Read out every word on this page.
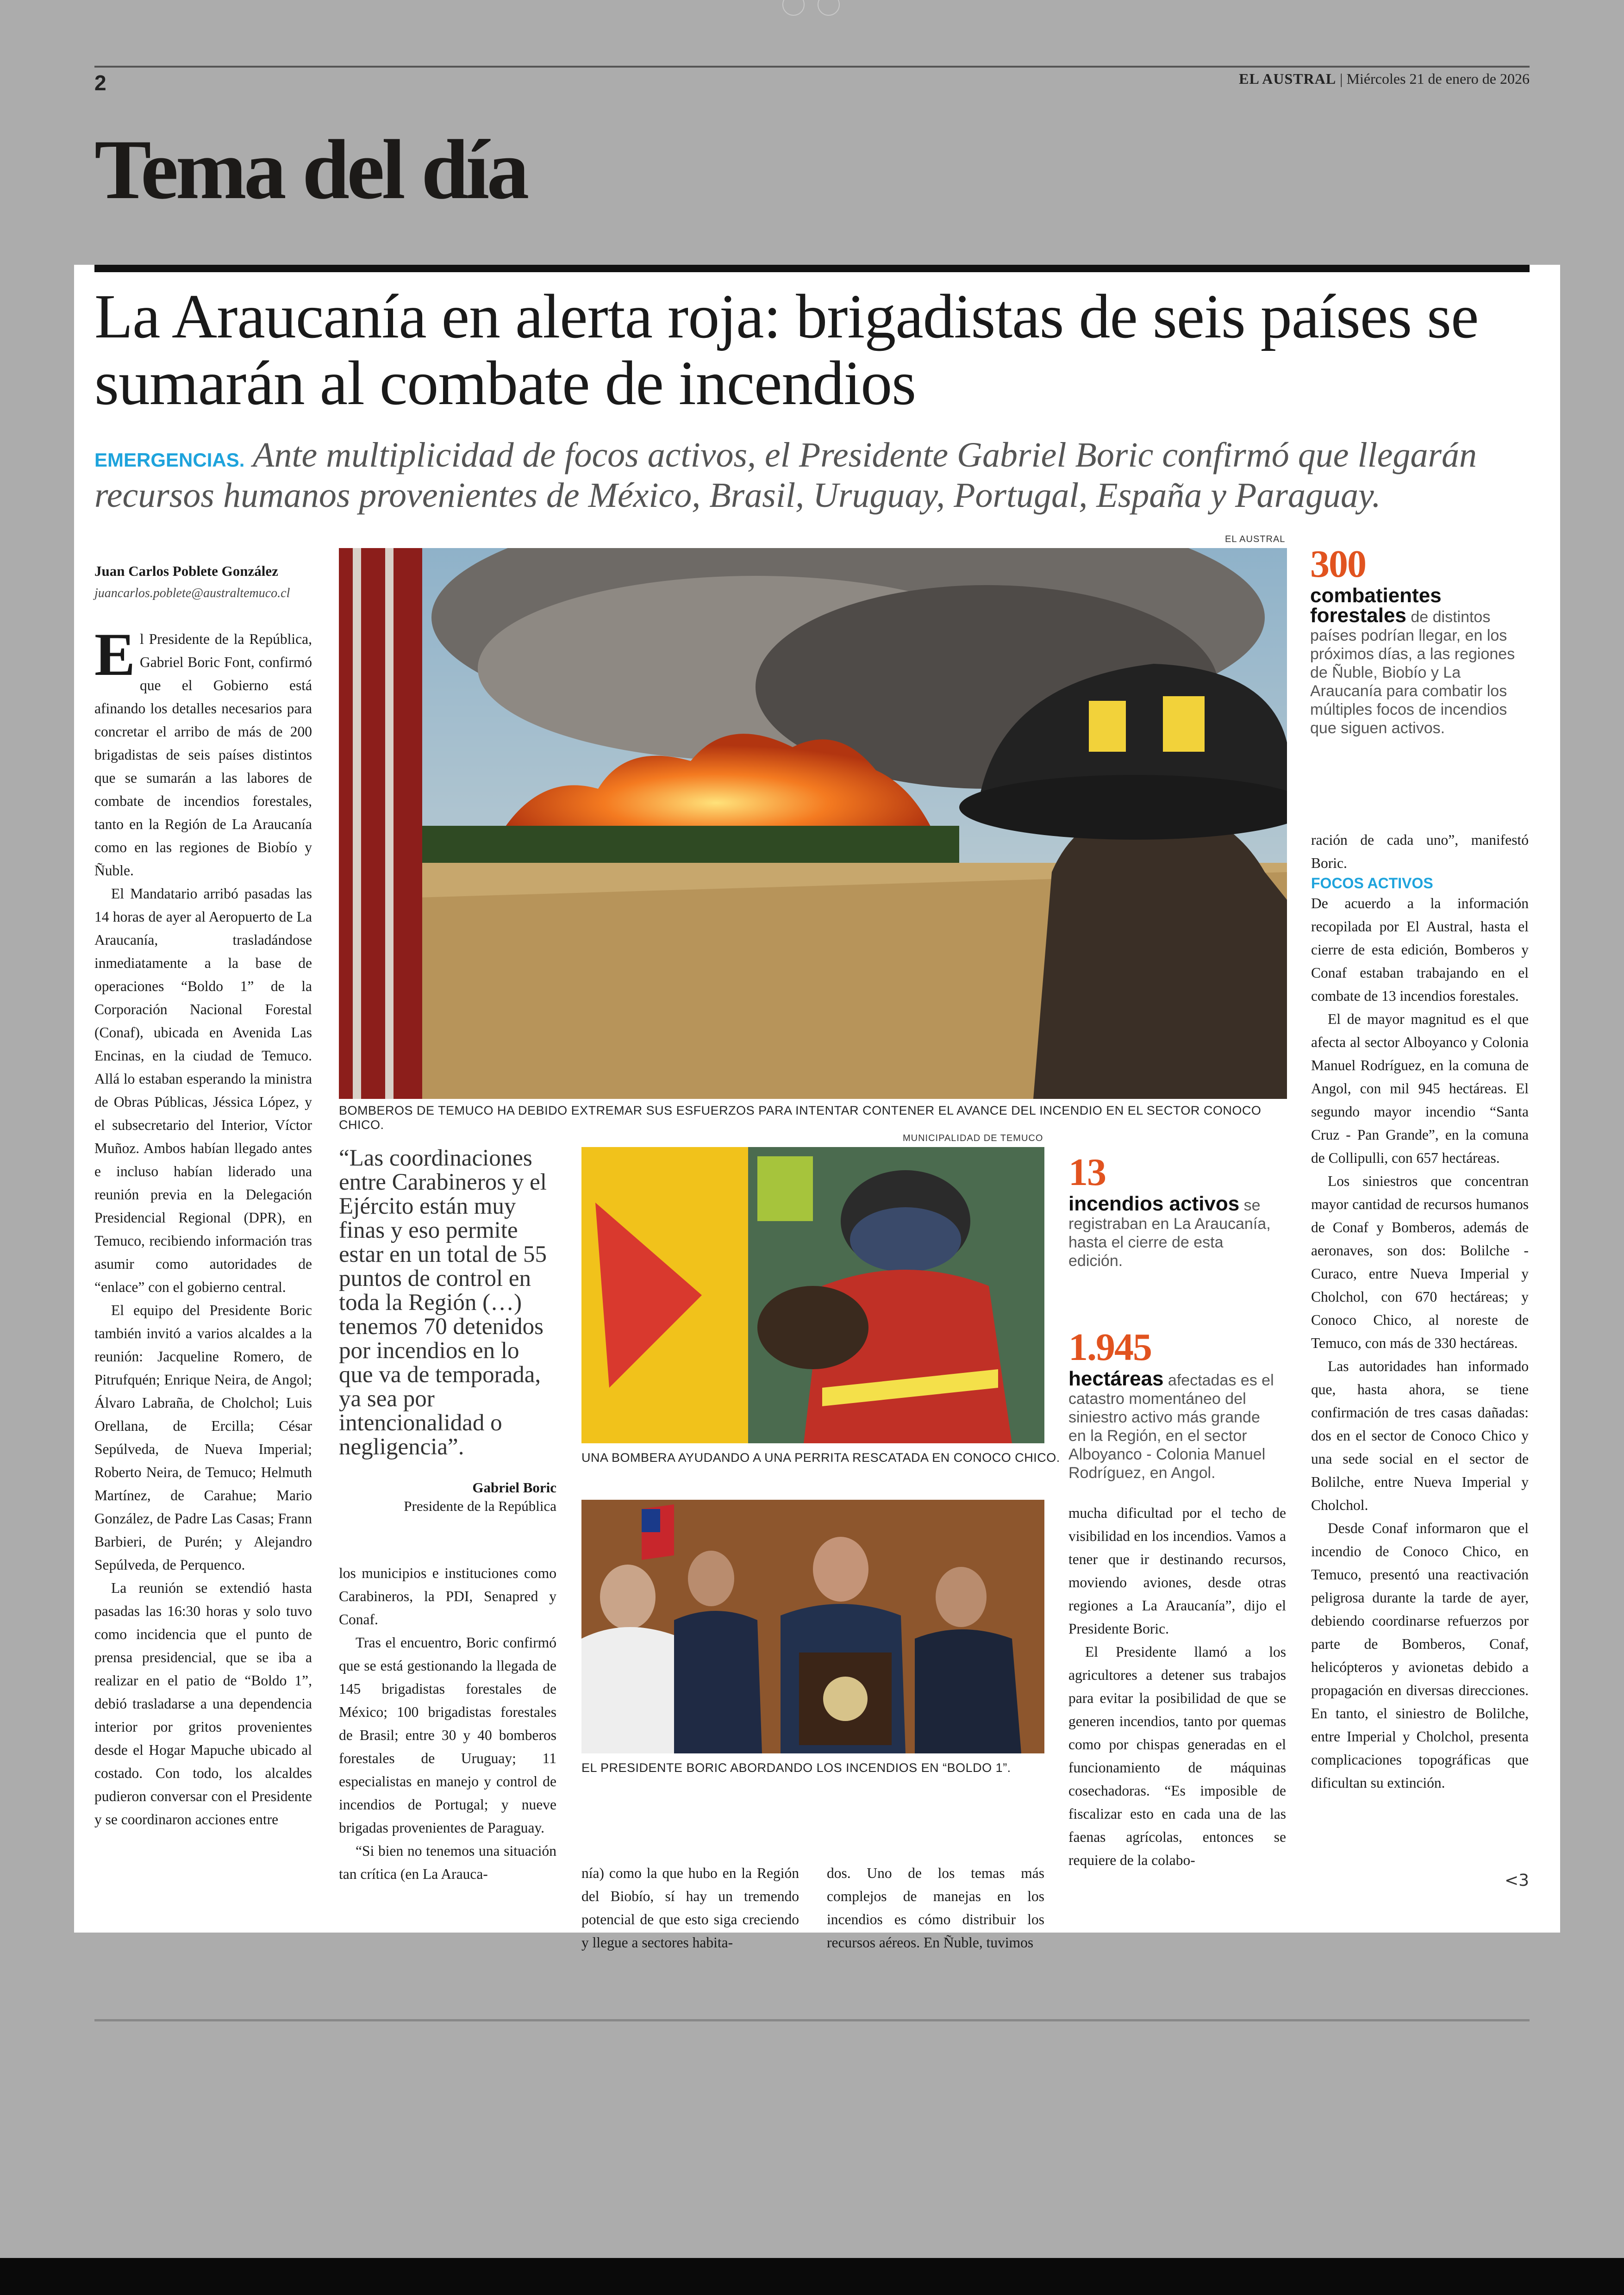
2	EL AUSTRAL | Miércoles 21 de enero de 2026
Tema del día
La Araucanía en alerta roja: brigadistas de seis países se sumarán al combate de incendios

EMERGENCIAS. Ante multiplicidad de focos activos, el Presidente Gabriel Boric confirmó que llegarán recursos humanos provenientes de México, Brasil, Uruguay, Portugal, España y Paraguay.

Juan Carlos Poblete González
juancarlos.poblete@australtemuco.cl

El Presidente de la República, Gabriel Boric Font, confirmó que el Gobierno está afinando los detalles necesarios para concretar el arribo de más de 200 brigadistas de seis países distintos que se sumarán a las labores de combate de incendios forestales, tanto en la Región de La Araucanía como en las regiones de Biobío y Ñuble.

El Mandatario arribó pasadas las 14 horas de ayer al Aeropuerto de La Araucanía, trasladándose inmediatamente a la base de operaciones “Boldo 1” de la Corporación Nacional Forestal (Conaf), ubicada en Avenida Las Encinas, en la ciudad de Temuco. Allá lo estaban esperando la ministra de Obras Públicas, Jéssica López, y el subsecretario del Interior, Víctor Muñoz. Ambos habían llegado antes e incluso habían liderado una reunión previa en la Delegación Presidencial Regional (DPR), en Temuco, recibiendo información tras asumir como autoridades de “enlace” con el gobierno central.

El equipo del Presidente Boric también invitó a varios alcaldes a la reunión: Jacqueline Romero, de Pitrufquén; Enrique Neira, de Angol; Álvaro Labraña, de Cholchol; Luis Orellana, de Ercilla; César Sepúlveda, de Nueva Imperial; Roberto Neira, de Temuco; Helmuth Martínez, de Carahue; Mario González, de Padre Las Casas; Frann Barbieri, de Purén; y Alejandro Sepúlveda, de Perquenco.

La reunión se extendió hasta pasadas las 16:30 horas y solo tuvo como incidencia que el punto de prensa presidencial, que se iba a realizar en el patio de “Boldo 1”, debió trasladarse a una dependencia interior por gritos provenientes desde el Hogar Mapuche ubicado al costado. Con todo, los alcaldes pudieron conversar con el Presidente y se coordinaron acciones entre

EL AUSTRAL
BOMBEROS DE TEMUCO HA DEBIDO EXTREMAR SUS ESFUERZOS PARA INTENTAR CONTENER EL AVANCE DEL INCENDIO EN EL SECTOR CONOCO CHICO.
“Las coordinaciones entre Carabineros y el Ejército están muy finas y eso permite estar en un total de 55 puntos de control en toda la Región (…) tenemos 70 detenidos por incendios en lo que va de temporada, ya sea por intencionalidad o negligencia”.
Gabriel Boric
Presidente de la República

los municipios e instituciones como Carabineros, la PDI, Senapred y Conaf.

Tras el encuentro, Boric confirmó que se está gestionando la llegada de 145 brigadistas forestales de México; 100 brigadistas forestales de Brasil; entre 30 y 40 bomberos forestales de Uruguay; 11 especialistas en manejo y control de incendios de Portugal; y nueve brigadas provenientes de Paraguay.

“Si bien no tenemos una situación tan crítica (en La Arauca-

MUNICIPALIDAD DE TEMUCO
UNA BOMBERA AYUDANDO A UNA PERRITA RESCATADA EN CONOCO CHICO.
EL PRESIDENTE BORIC ABORDANDO LOS INCENDIOS EN “BOLDO 1”.

nía) como la que hubo en la Región del Biobío, sí hay un tremendo potencial de que esto siga creciendo y llegue a sectores habita-

dos. Uno de los temas más complejos de manejas en los incendios es cómo distribuir los recursos aéreos. En Ñuble, tuvimos

300
combatientes forestales de distintos países podrían llegar, en los próximos días, a las regiones de Ñuble, Biobío y La Araucanía para combatir los múltiples focos de incendios que siguen activos.
13
incendios activos se registraban en La Araucanía, hasta el cierre de esta edición.
1.945
hectáreas afectadas es el catastro momentáneo del siniestro activo más grande en la Región, en el sector Alboyanco - Colonia Manuel Rodríguez, en Angol.

mucha dificultad por el techo de visibilidad en los incendios. Vamos a tener que ir destinando recursos, moviendo aviones, desde otras regiones a La Araucanía”, dijo el Presidente Boric.

El Presidente llamó a los agricultores a detener sus trabajos para evitar la posibilidad de que se generen incendios, tanto por quemas como por chispas generadas en el funcionamiento de máquinas cosechadoras. “Es imposible de fiscalizar esto en cada una de las faenas agrícolas, entonces se requiere de la colabo-

ración de cada uno”, manifestó Boric.

FOCOS ACTIVOS

De acuerdo a la información recopilada por El Austral, hasta el cierre de esta edición, Bomberos y Conaf estaban trabajando en el combate de 13 incendios forestales.

El de mayor magnitud es el que afecta al sector Alboyanco y Colonia Manuel Rodríguez, en la comuna de Angol, con mil 945 hectáreas. El segundo mayor incendio “Santa Cruz - Pan Grande”, en la comuna de Collipulli, con 657 hectáreas.

Los siniestros que concentran mayor cantidad de recursos humanos de Conaf y Bomberos, además de aeronaves, son dos: Bolilche - Curaco, entre Nueva Imperial y Cholchol, con 670 hectáreas; y Conoco Chico, al noreste de Temuco, con más de 330 hectáreas.

Las autoridades han informado que, hasta ahora, se tiene confirmación de tres casas dañadas: dos en el sector de Conoco Chico y una sede social en el sector de Bolilche, entre Nueva Imperial y Cholchol.

Desde Conaf informaron que el incendio de Conoco Chico, en Temuco, presentó una reactivación peligrosa durante la tarde de ayer, debiendo coordinarse refuerzos por parte de Bomberos, Conaf, helicópteros y avionetas debido a propagación en diversas direcciones. En tanto, el siniestro de Bolilche, entre Imperial y Cholchol, presenta complicaciones topográficas que dificultan su extinción.

<3
